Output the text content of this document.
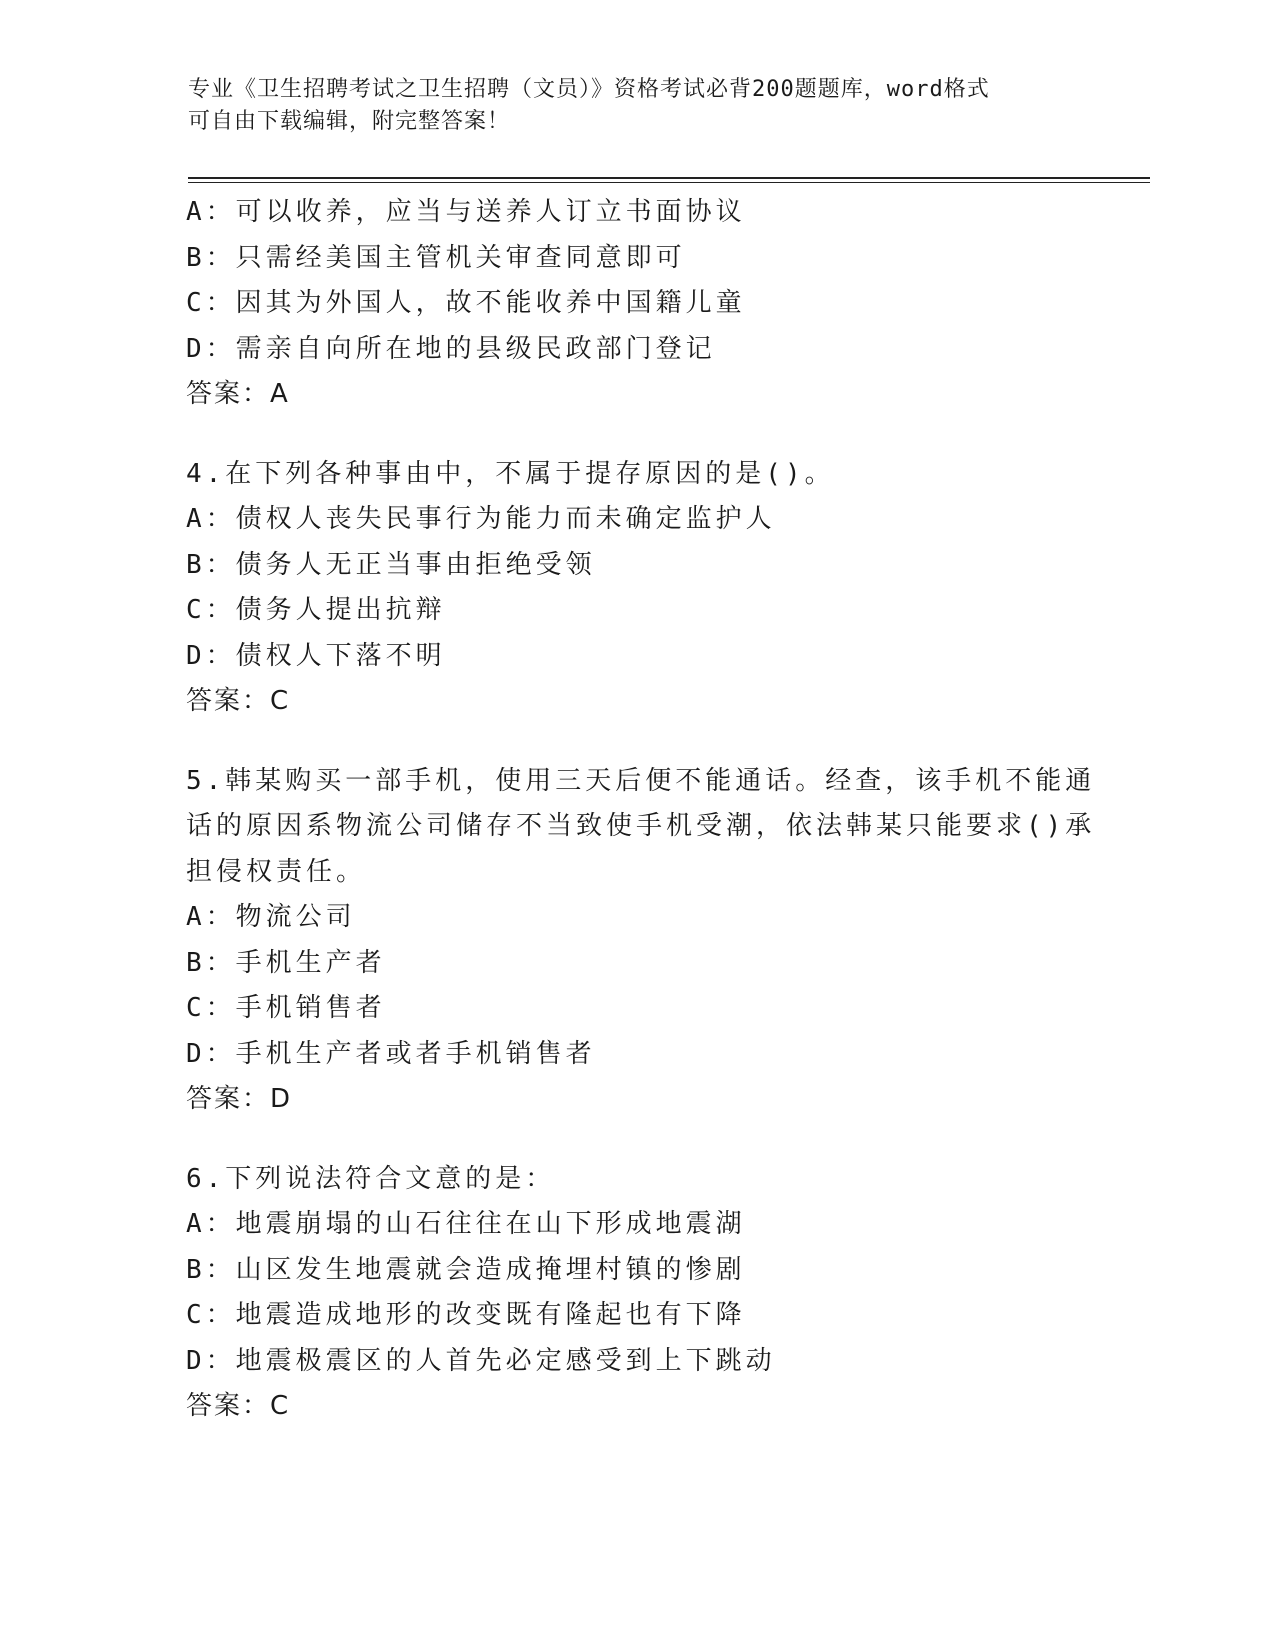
专业《卫生招聘考试之卫生招聘（文员）》资格考试必背200题题库，word格式
可自由下载编辑，附完整答案！
A：可以收养，应当与送养人订立书面协议
B：只需经美国主管机关审查同意即可
C：因其为外国人，故不能收养中国籍儿童
D：需亲自向所在地的县级民政部门登记
答案：A
4.在下列各种事由中，不属于提存原因的是()。
A：债权人丧失民事行为能力而未确定监护人
B：债务人无正当事由拒绝受领
C：债务人提出抗辩
D：债权人下落不明
答案：C
5.韩某购买一部手机，使用三天后便不能通话。经查，该手机不能通
话的原因系物流公司储存不当致使手机受潮，依法韩某只能要求()承
担侵权责任。
A：物流公司
B：手机生产者
C：手机销售者
D：手机生产者或者手机销售者
答案：D
6.下列说法符合文意的是：
A：地震崩塌的山石往往在山下形成地震湖
B：山区发生地震就会造成掩埋村镇的惨剧
C：地震造成地形的改变既有隆起也有下降
D：地震极震区的人首先必定感受到上下跳动
答案：C
